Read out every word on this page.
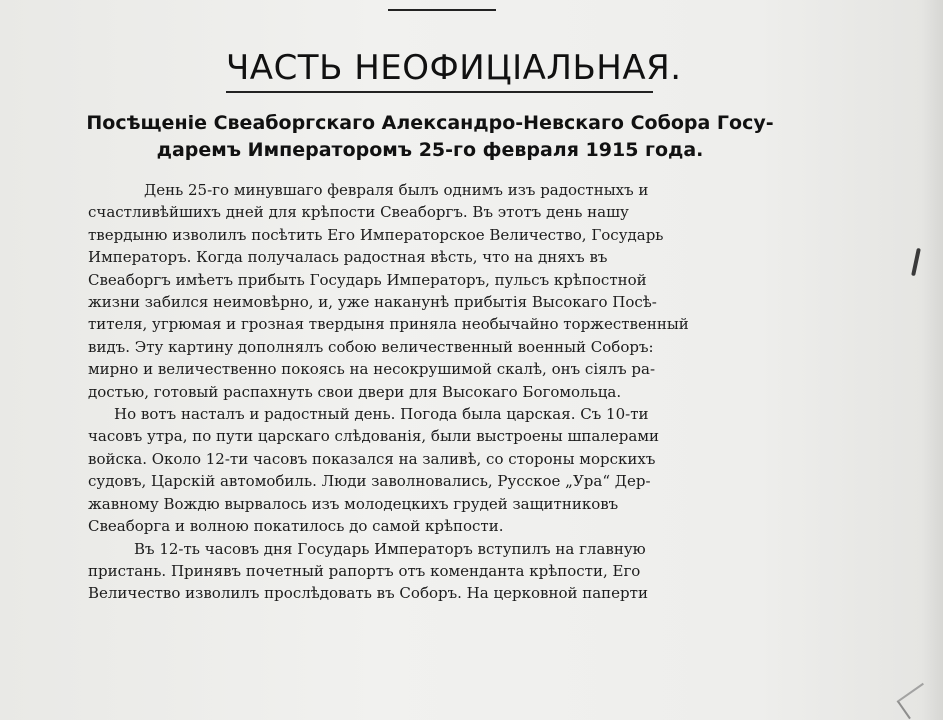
ЧАСТЬ НЕОФИЦIАЛЬНАЯ.
Посѣщенiе Свеаборгскаго Александро-Невскаго Собора Госу-
даремъ Императоромъ 25-го февраля 1915 года.
День 25-го минувшаго февраля былъ однимъ изъ радостныхъ и
счастливѣйшихъ дней для крѣпости Свеаборгъ. Въ этотъ день нашу
твердыню изволилъ посѣтить Его Императорское Величество, Государь
Императоръ. Когда получалась радостная вѣсть, что на дняхъ въ
Свеаборгъ имѣетъ прибыть Государь Императоръ, пульсъ крѣпостной
жизни забился неимовѣрно, и, уже наканунѣ прибытiя Высокаго Посѣ-
тителя, угрюмая и грозная твердыня приняла необычайно торжественный
видъ. Эту картину дополнялъ собою величественный военный Соборъ:
мирно и величественно покоясь на несокрушимой скалѣ, онъ сiялъ ра-
достью, готовый распахнуть свои двери для Высокаго Богомольца.
Но вотъ насталъ и радостный день. Погода была царская. Съ 10-ти
часовъ утра, по пути царскаго слѣдованiя, были выстроены шпалерами
войска. Около 12-ти часовъ показался на заливѣ, со стороны морскихъ
судовъ, Царскiй автомобиль. Люди заволновались, Русское „Ура“ Дер-
жавному Вождю вырвалось изъ молодецкихъ грудей защитниковъ
Свеаборга и волною покатилось до самой крѣпости.
Въ 12-ть часовъ дня Государь Императоръ вступилъ на главную
пристань. Принявъ почетный рапортъ отъ коменданта крѣпости, Его
Величество изволилъ прослѣдовать въ Соборъ. На церковной паперти
